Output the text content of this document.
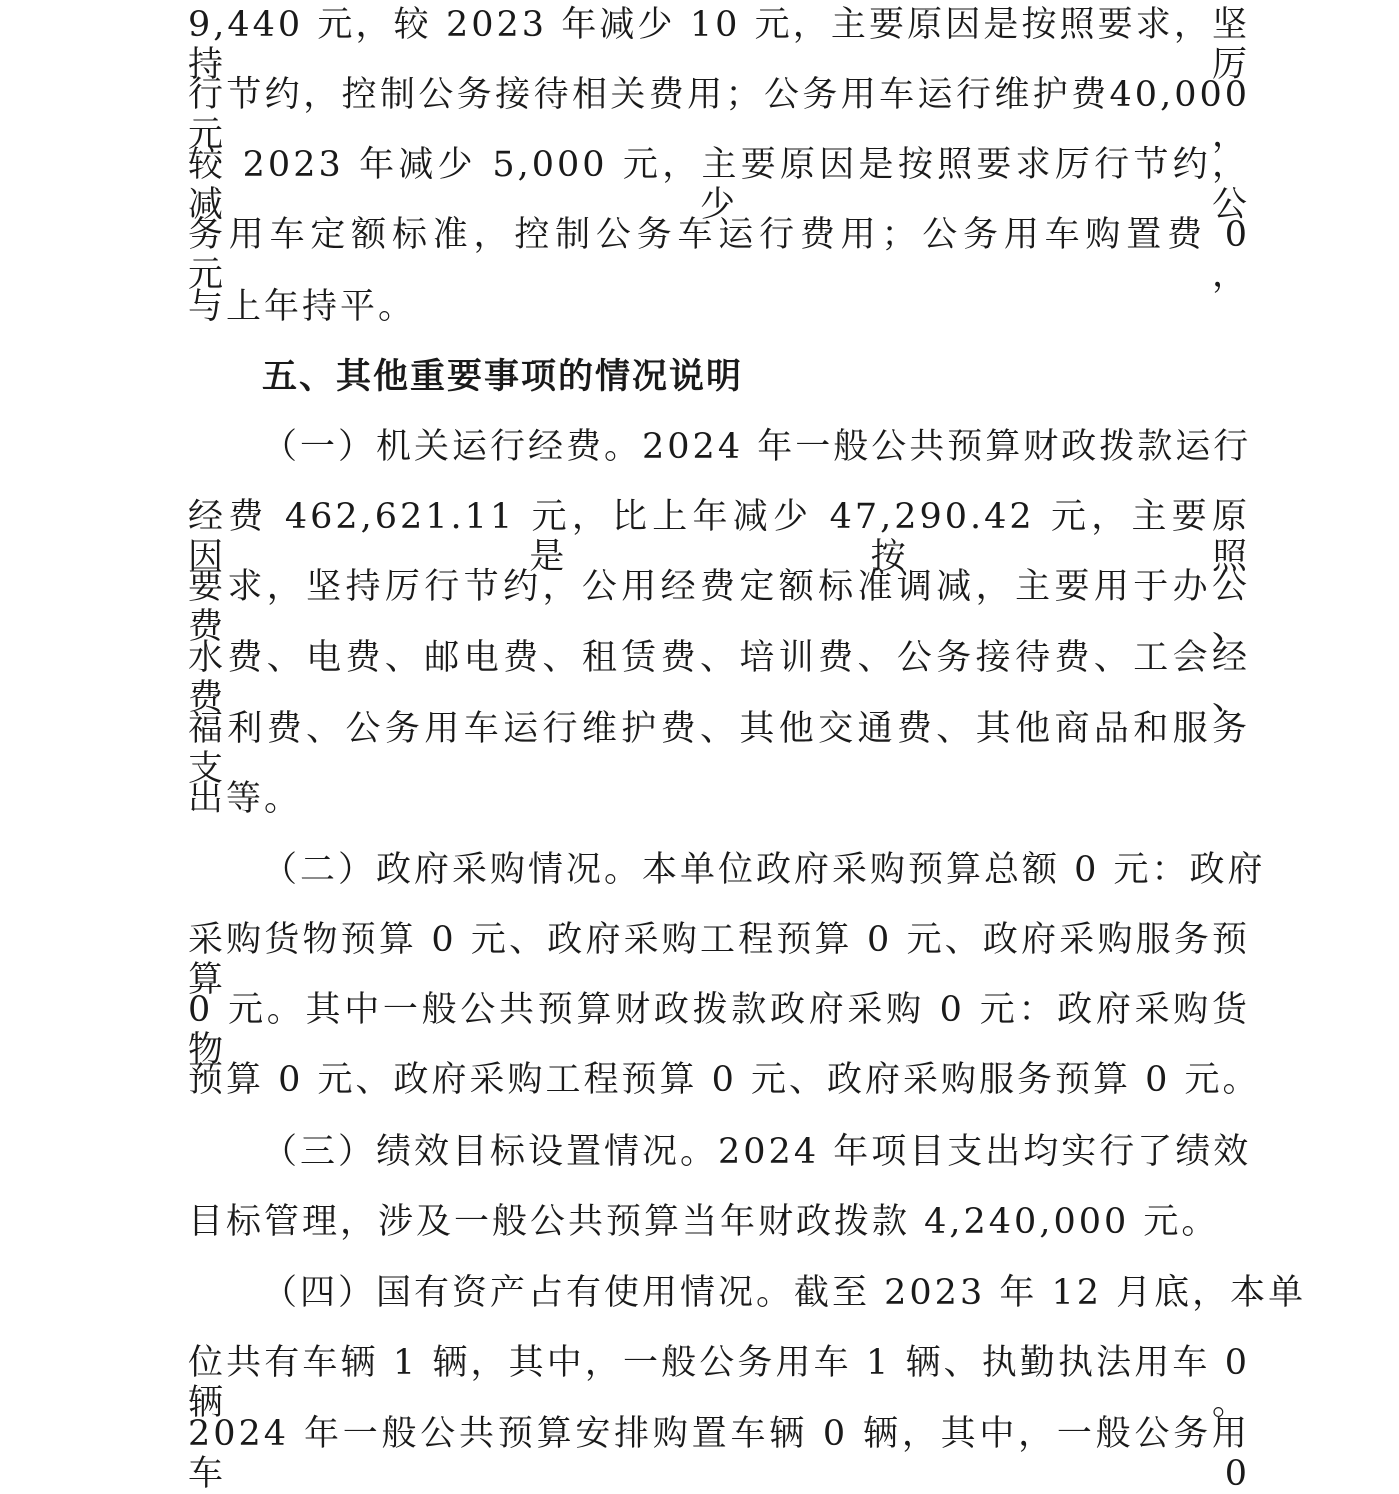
9,440 元，较 2023 年减少 10 元，主要原因是按照要求，坚持厉
行节约，控制公务接待相关费用；公务用车运行维护费40,000元，
较 2023 年减少 5,000 元，主要原因是按照要求厉行节约，减少公
务用车定额标准，控制公务车运行费用；公务用车购置费 0 元，
与上年持平。
五、其他重要事项的情况说明
（一）机关运行经费。2024 年一般公共预算财政拨款运行
经费 462,621.11 元，比上年减少 47,290.42 元，主要原因是按照
要求，坚持厉行节约，公用经费定额标准调减，主要用于办公费、
水费、电费、邮电费、租赁费、培训费、公务接待费、工会经费、
福利费、公务用车运行维护费、其他交通费、其他商品和服务支
出等。
（二）政府采购情况。本单位政府采购预算总额 0 元：政府
采购货物预算 0 元、政府采购工程预算 0 元、政府采购服务预算
0 元。其中一般公共预算财政拨款政府采购 0 元：政府采购货物
预算 0 元、政府采购工程预算 0 元、政府采购服务预算 0 元。
（三）绩效目标设置情况。2024 年项目支出均实行了绩效
目标管理，涉及一般公共预算当年财政拨款 4,240,000 元。
（四）国有资产占有使用情况。截至 2023 年 12 月底，本单
位共有车辆 1 辆，其中，一般公务用车 1 辆、执勤执法用车 0 辆。
2024 年一般公共预算安排购置车辆 0 辆，其中，一般公务用车 0
